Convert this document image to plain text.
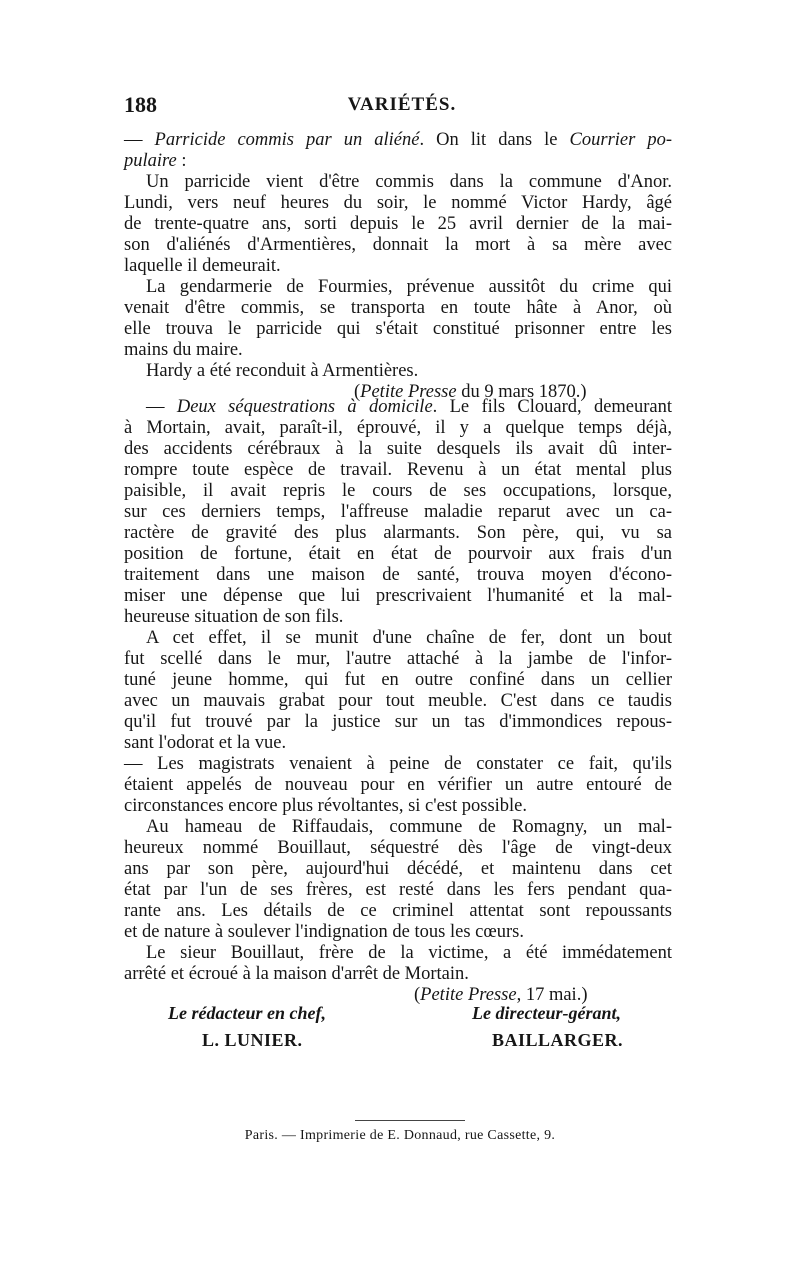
188	VARIÉTÉS.
— Parricide commis par un aliéné. On lit dans le Courrier po-
pulaire :
Un parricide vient d'être commis dans la commune d'Anor.
Lundi, vers neuf heures du soir, le nommé Victor Hardy, âgé
de trente-quatre ans, sorti depuis le 25 avril dernier de la mai-
son d'aliénés d'Armentières, donnait la mort à sa mère avec
laquelle il demeurait.
La gendarmerie de Fourmies, prévenue aussitôt du crime qui
venait d'être commis, se transporta en toute hâte à Anor, où
elle trouva le parricide qui s'était constitué prisonner entre les
mains du maire.
Hardy a été reconduit à Armentières.
(Petite Presse du 9 mars 1870.)
— Deux séquestrations à domicile. Le fils Clouard, demeurant
à Mortain, avait, paraît-il, éprouvé, il y a quelque temps déjà,
des accidents cérébraux à la suite desquels ils avait dû inter-
rompre toute espèce de travail. Revenu à un état mental plus
paisible, il avait repris le cours de ses occupations, lorsque,
sur ces derniers temps, l'affreuse maladie reparut avec un ca-
ractère de gravité des plus alarmants. Son père, qui, vu sa
position de fortune, était en état de pourvoir aux frais d'un
traitement dans une maison de santé, trouva moyen d'écono-
miser une dépense que lui prescrivaient l'humanité et la mal-
heureuse situation de son fils.
A cet effet, il se munit d'une chaîne de fer, dont un bout
fut scellé dans le mur, l'autre attaché à la jambe de l'infor-
tuné jeune homme, qui fut en outre confiné dans un cellier
avec un mauvais grabat pour tout meuble. C'est dans ce taudis
qu'il fut trouvé par la justice sur un tas d'immondices repous-
sant l'odorat et la vue.
— Les magistrats venaient à peine de constater ce fait, qu'ils
étaient appelés de nouveau pour en vérifier un autre entouré de
circonstances encore plus révoltantes, si c'est possible.
Au hameau de Riffaudais, commune de Romagny, un mal-
heureux nommé Bouillaut, séquestré dès l'âge de vingt-deux
ans par son père, aujourd'hui décédé, et maintenu dans cet
état par l'un de ses frères, est resté dans les fers pendant qua-
rante ans. Les détails de ce criminel attentat sont repoussants
et de nature à soulever l'indignation de tous les cœurs.
Le sieur Bouillaut, frère de la victime, a été immédatement
arrêté et écroué à la maison d'arrêt de Mortain.
(Petite Presse, 17 mai.)
Le rédacteur en chef,
L. LUNIER.
Le directeur-gérant,
BAILLARGER.
Paris. — Imprimerie de E. Donnaud, rue Cassette, 9.
